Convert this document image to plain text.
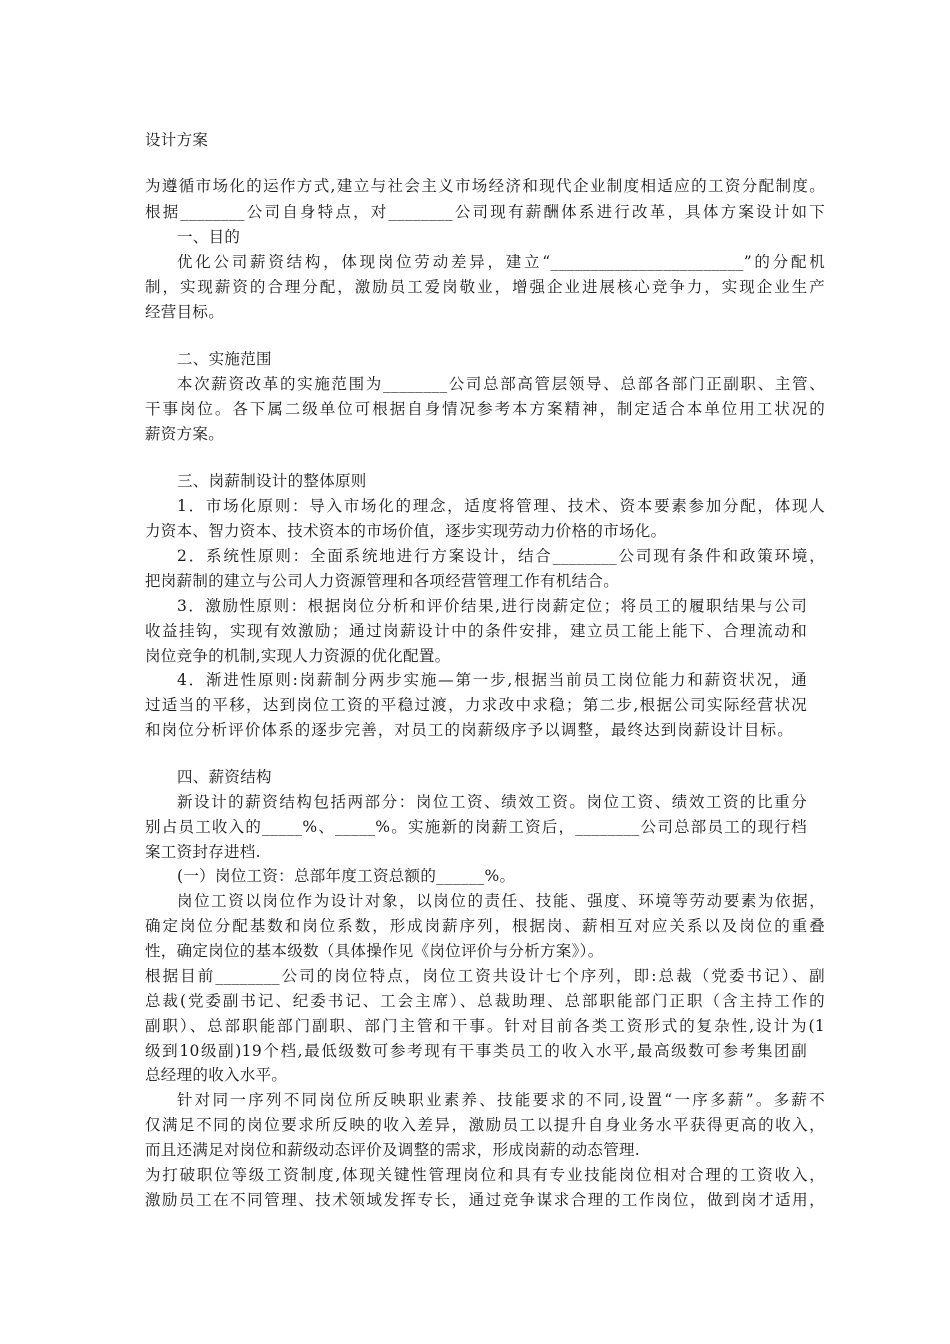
设计方案
为遵循市场化的运作方式,建立与社会主义市场经济和现代企业制度相适应的工资分配制度。
根据________公司自身特点，对________公司现有薪酬体系进行改革，具体方案设计如下
一、目的
优化公司薪资结构，体现岗位劳动差异，建立“________________________”的分配机
制，实现薪资的合理分配，激励员工爱岗敬业，增强企业进展核心竞争力，实现企业生产
经营目标。
二、实施范围
本次薪资改革的实施范围为________公司总部高管层领导、总部各部门正副职、主管、
干事岗位。各下属二级单位可根据自身情况参考本方案精神，制定适合本单位用工状况的
薪资方案。
三、岗薪制设计的整体原则
1．市场化原则：导入市场化的理念，适度将管理、技术、资本要素参加分配，体现人
力资本、智力资本、技术资本的市场价值，逐步实现劳动力价格的市场化。
2．系统性原则：全面系统地进行方案设计，结合________公司现有条件和政策环境，
把岗薪制的建立与公司人力资源管理和各项经营管理工作有机结合。
3．激励性原则：根据岗位分析和评价结果,进行岗薪定位；将员工的履职结果与公司
收益挂钩，实现有效激励；通过岗薪设计中的条件安排，建立员工能上能下、合理流动和
岗位竞争的机制,实现人力资源的优化配置。
4．渐进性原则:岗薪制分两步实施—第一步,根据当前员工岗位能力和薪资状况，通
过适当的平移，达到岗位工资的平稳过渡，力求改中求稳；第二步,根据公司实际经营状况
和岗位分析评价体系的逐步完善，对员工的岗薪级序予以调整，最终达到岗薪设计目标。
四、薪资结构
新设计的薪资结构包括两部分：岗位工资、绩效工资。岗位工资、绩效工资的比重分
别占员工收入的_____%、_____%。实施新的岗薪工资后，________公司总部员工的现行档
案工资封存进档.
(一）岗位工资：总部年度工资总额的______%。
岗位工资以岗位作为设计对象，以岗位的责任、技能、强度、环境等劳动要素为依据，
确定岗位分配基数和岗位系数，形成岗薪序列，根据岗、薪相互对应关系以及岗位的重叠
性，确定岗位的基本级数（具体操作见《岗位评价与分析方案》）。
根据目前________公司的岗位特点，岗位工资共设计七个序列，即:总裁（党委书记）、副
总裁(党委副书记、纪委书记、工会主席）、总裁助理、总部职能部门正职（含主持工作的
副职）、总部职能部门副职、部门主管和干事。针对目前各类工资形式的复杂性,设计为(1
级到10级副)19个档,最低级数可参考现有干事类员工的收入水平,最高级数可参考集团副
总经理的收入水平。
针对同一序列不同岗位所反映职业素养、技能要求的不同,设置“一序多薪”。多薪不
仅满足不同的岗位要求所反映的收入差异，激励员工以提升自身业务水平获得更高的收入，
而且还满足对岗位和薪级动态评价及调整的需求，形成岗薪的动态管理.
为打破职位等级工资制度,体现关键性管理岗位和具有专业技能岗位相对合理的工资收入，
激励员工在不同管理、技术领域发挥专长，通过竞争谋求合理的工作岗位，做到岗才适用，
